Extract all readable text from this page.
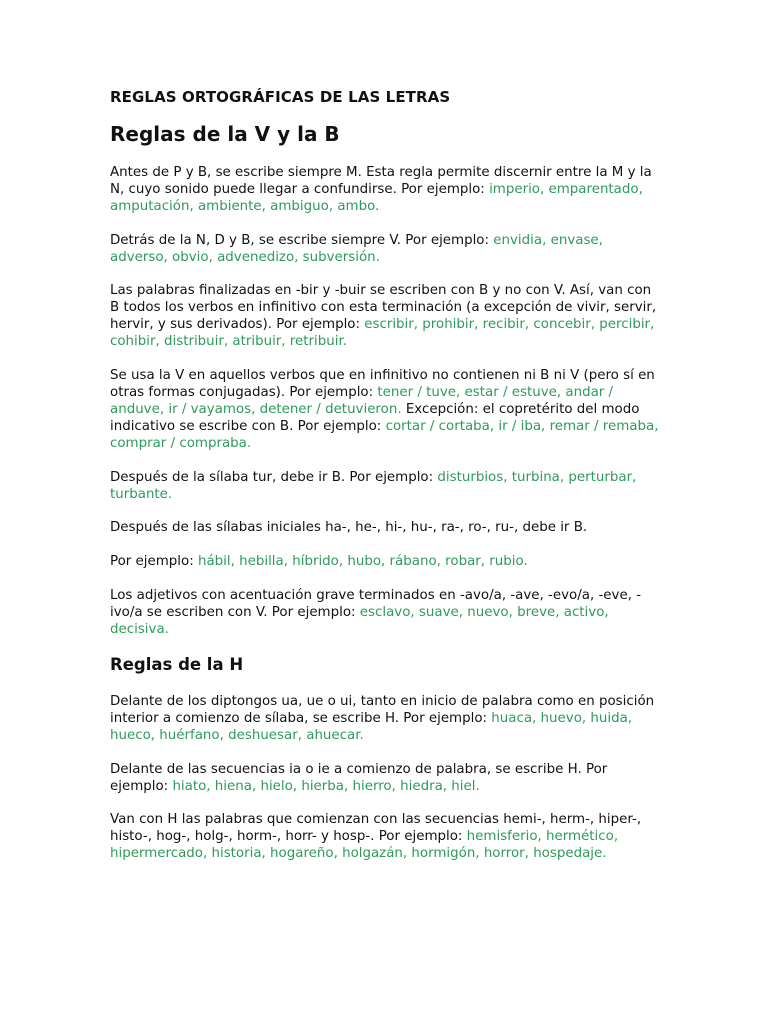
REGLAS ORTOGRÁFICAS DE LAS LETRAS
Reglas de la V y la B

Antes de P y B, se escribe siempre M. Esta regla permite discernir entre la M y la N, cuyo sonido puede llegar a confundirse. Por ejemplo: imperio, emparentado, amputación, ambiente, ambiguo, ambo.

Detrás de la N, D y B, se escribe siempre V. Por ejemplo: envidia, envase, adverso, obvio, advenedizo, subversión.

Las palabras finalizadas en -bir y -buir se escriben con B y no con V. Así, van con B todos los verbos en infinitivo con esta terminación (a excepción de vivir, servir, hervir, y sus derivados). Por ejemplo: escribir, prohibir, recibir, concebir, percibir, cohibir, distribuir, atribuir, retribuir.

Se usa la V en aquellos verbos que en infinitivo no contienen ni B ni V (pero sí en otras formas conjugadas). Por ejemplo: tener / tuve, estar / estuve, andar / anduve, ir / vayamos, detener / detuvieron. Excepción: el copretérito del modo indicativo se escribe con B. Por ejemplo: cortar / cortaba, ir / iba, remar / remaba, comprar / compraba.

Después de la sílaba tur, debe ir B. Por ejemplo: disturbios, turbina, perturbar, turbante.

Después de las sílabas iniciales ha-, he-, hi-, hu-, ra-, ro-, ru-, debe ir B.

Por ejemplo: hábil, hebilla, híbrido, hubo, rábano, robar, rubio.

Los adjetivos con acentuación grave terminados en -avo/a, -ave, -evo/a, -eve, -ivo/a se escriben con V. Por ejemplo: esclavo, suave, nuevo, breve, activo, decisiva.

Reglas de la H

Delante de los diptongos ua, ue o ui, tanto en inicio de palabra como en posición interior a comienzo de sílaba, se escribe H. Por ejemplo: huaca, huevo, huida, hueco, huérfano, deshuesar, ahuecar.

Delante de las secuencias ia o ie a comienzo de palabra, se escribe H. Por ejemplo: hiato, hiena, hielo, hierba, hierro, hiedra, hiel.

Van con H las palabras que comienzan con las secuencias hemi-, herm-, hiper-, histo-, hog-, holg-, horm-, horr- y hosp-. Por ejemplo: hemisferio, hermético, hipermercado, historia, hogareño, holgazán, hormigón, horror, hospedaje.
